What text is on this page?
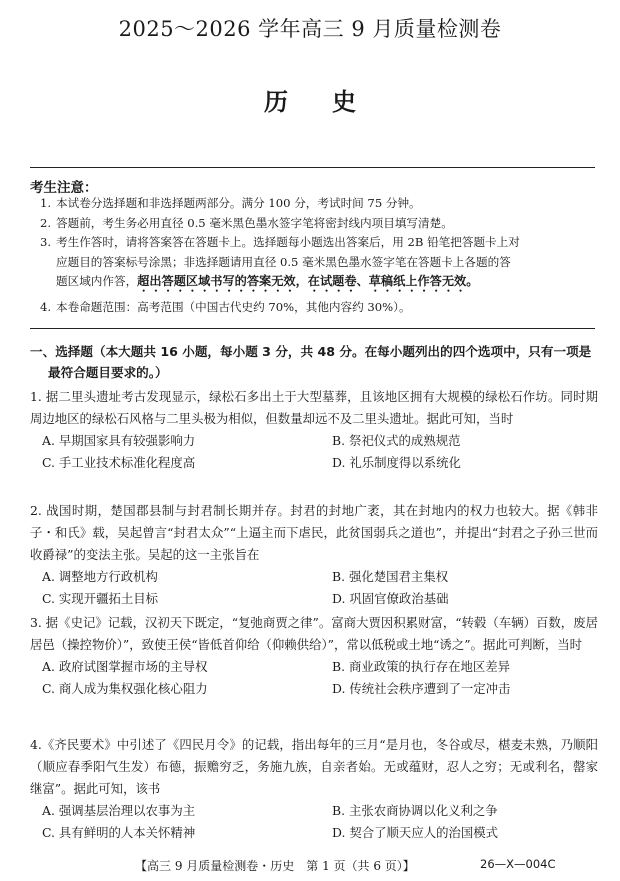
2025～2026 学年高三 9 月质量检测卷
历 史
考生注意：
1. 本试卷分选择题和非选择题两部分。满分 100 分，考试时间 75 分钟。
2. 答题前，考生务必用直径 0.5 毫米黑色墨水签字笔将密封线内项目填写清楚。
3. 考生作答时，请将答案答在答题卡上。选择题每小题选出答案后，用 2B 铅笔把答题卡上对
应题目的答案标号涂黑；非选择题请用直径 0.5 毫米黑色墨水签字笔在答题卡上各题的答
题区域内作答，超出答题区域书写的答案无效，在试题卷、草稿纸上作答无效。
4. 本卷命题范围：高考范围（中国古代史约 70%，其他内容约 30%）。
一、选择题（本大题共 16 小题，每小题 3 分，共 48 分。在每小题列出的四个选项中，只有一项是
最符合题目要求的。）
1. 据二里头遗址考古发现显示，绿松石多出土于大型墓葬，且该地区拥有大规模的绿松石作坊。同时期周边地区的绿松石风格与二里头极为相似，但数量却远不及二里头遗址。据此可知，当时
A. 早期国家具有较强影响力	B. 祭祀仪式的成熟规范
C. 手工业技术标准化程度高	D. 礼乐制度得以系统化
2. 战国时期，楚国郡县制与封君制长期并存。封君的封地广袤，其在封地内的权力也较大。据《韩非子・和氏》载，吴起曾言“封君太众”“上逼主而下虐民，此贫国弱兵之道也”，并提出“封君之子孙三世而收爵禄”的变法主张。吴起的这一主张旨在
A. 调整地方行政机构	B. 强化楚国君主集权
C. 实现开疆拓土目标	D. 巩固官僚政治基础
3. 据《史记》记载，汉初天下既定，“复弛商贾之律”。富商大贾因积累财富，“转毂（车辆）百数，废居居邑（操控物价）”，致使王侯“皆低首仰给（仰赖供给）”，常以低税或土地“诱之”。据此可判断，当时
A. 政府试图掌握市场的主导权	B. 商业政策的执行存在地区差异
C. 商人成为集权强化核心阻力	D. 传统社会秩序遭到了一定冲击
4.《齐民要术》中引述了《四民月令》的记载，指出每年的三月“是月也，冬谷或尽，椹麦未熟，乃顺阳（顺应春季阳气生发）布德，振赡穷乏，务施九族，自亲者始。无或蕴财，忍人之穷；无或利名，罄家继富”。据此可知，该书
A. 强调基层治理以农事为主	B. 主张农商协调以化义利之争
C. 具有鲜明的人本关怀精神	D. 契合了顺天应人的治国模式
【高三 9 月质量检测卷・历史　第 1 页（共 6 页）】	26—X—004C
